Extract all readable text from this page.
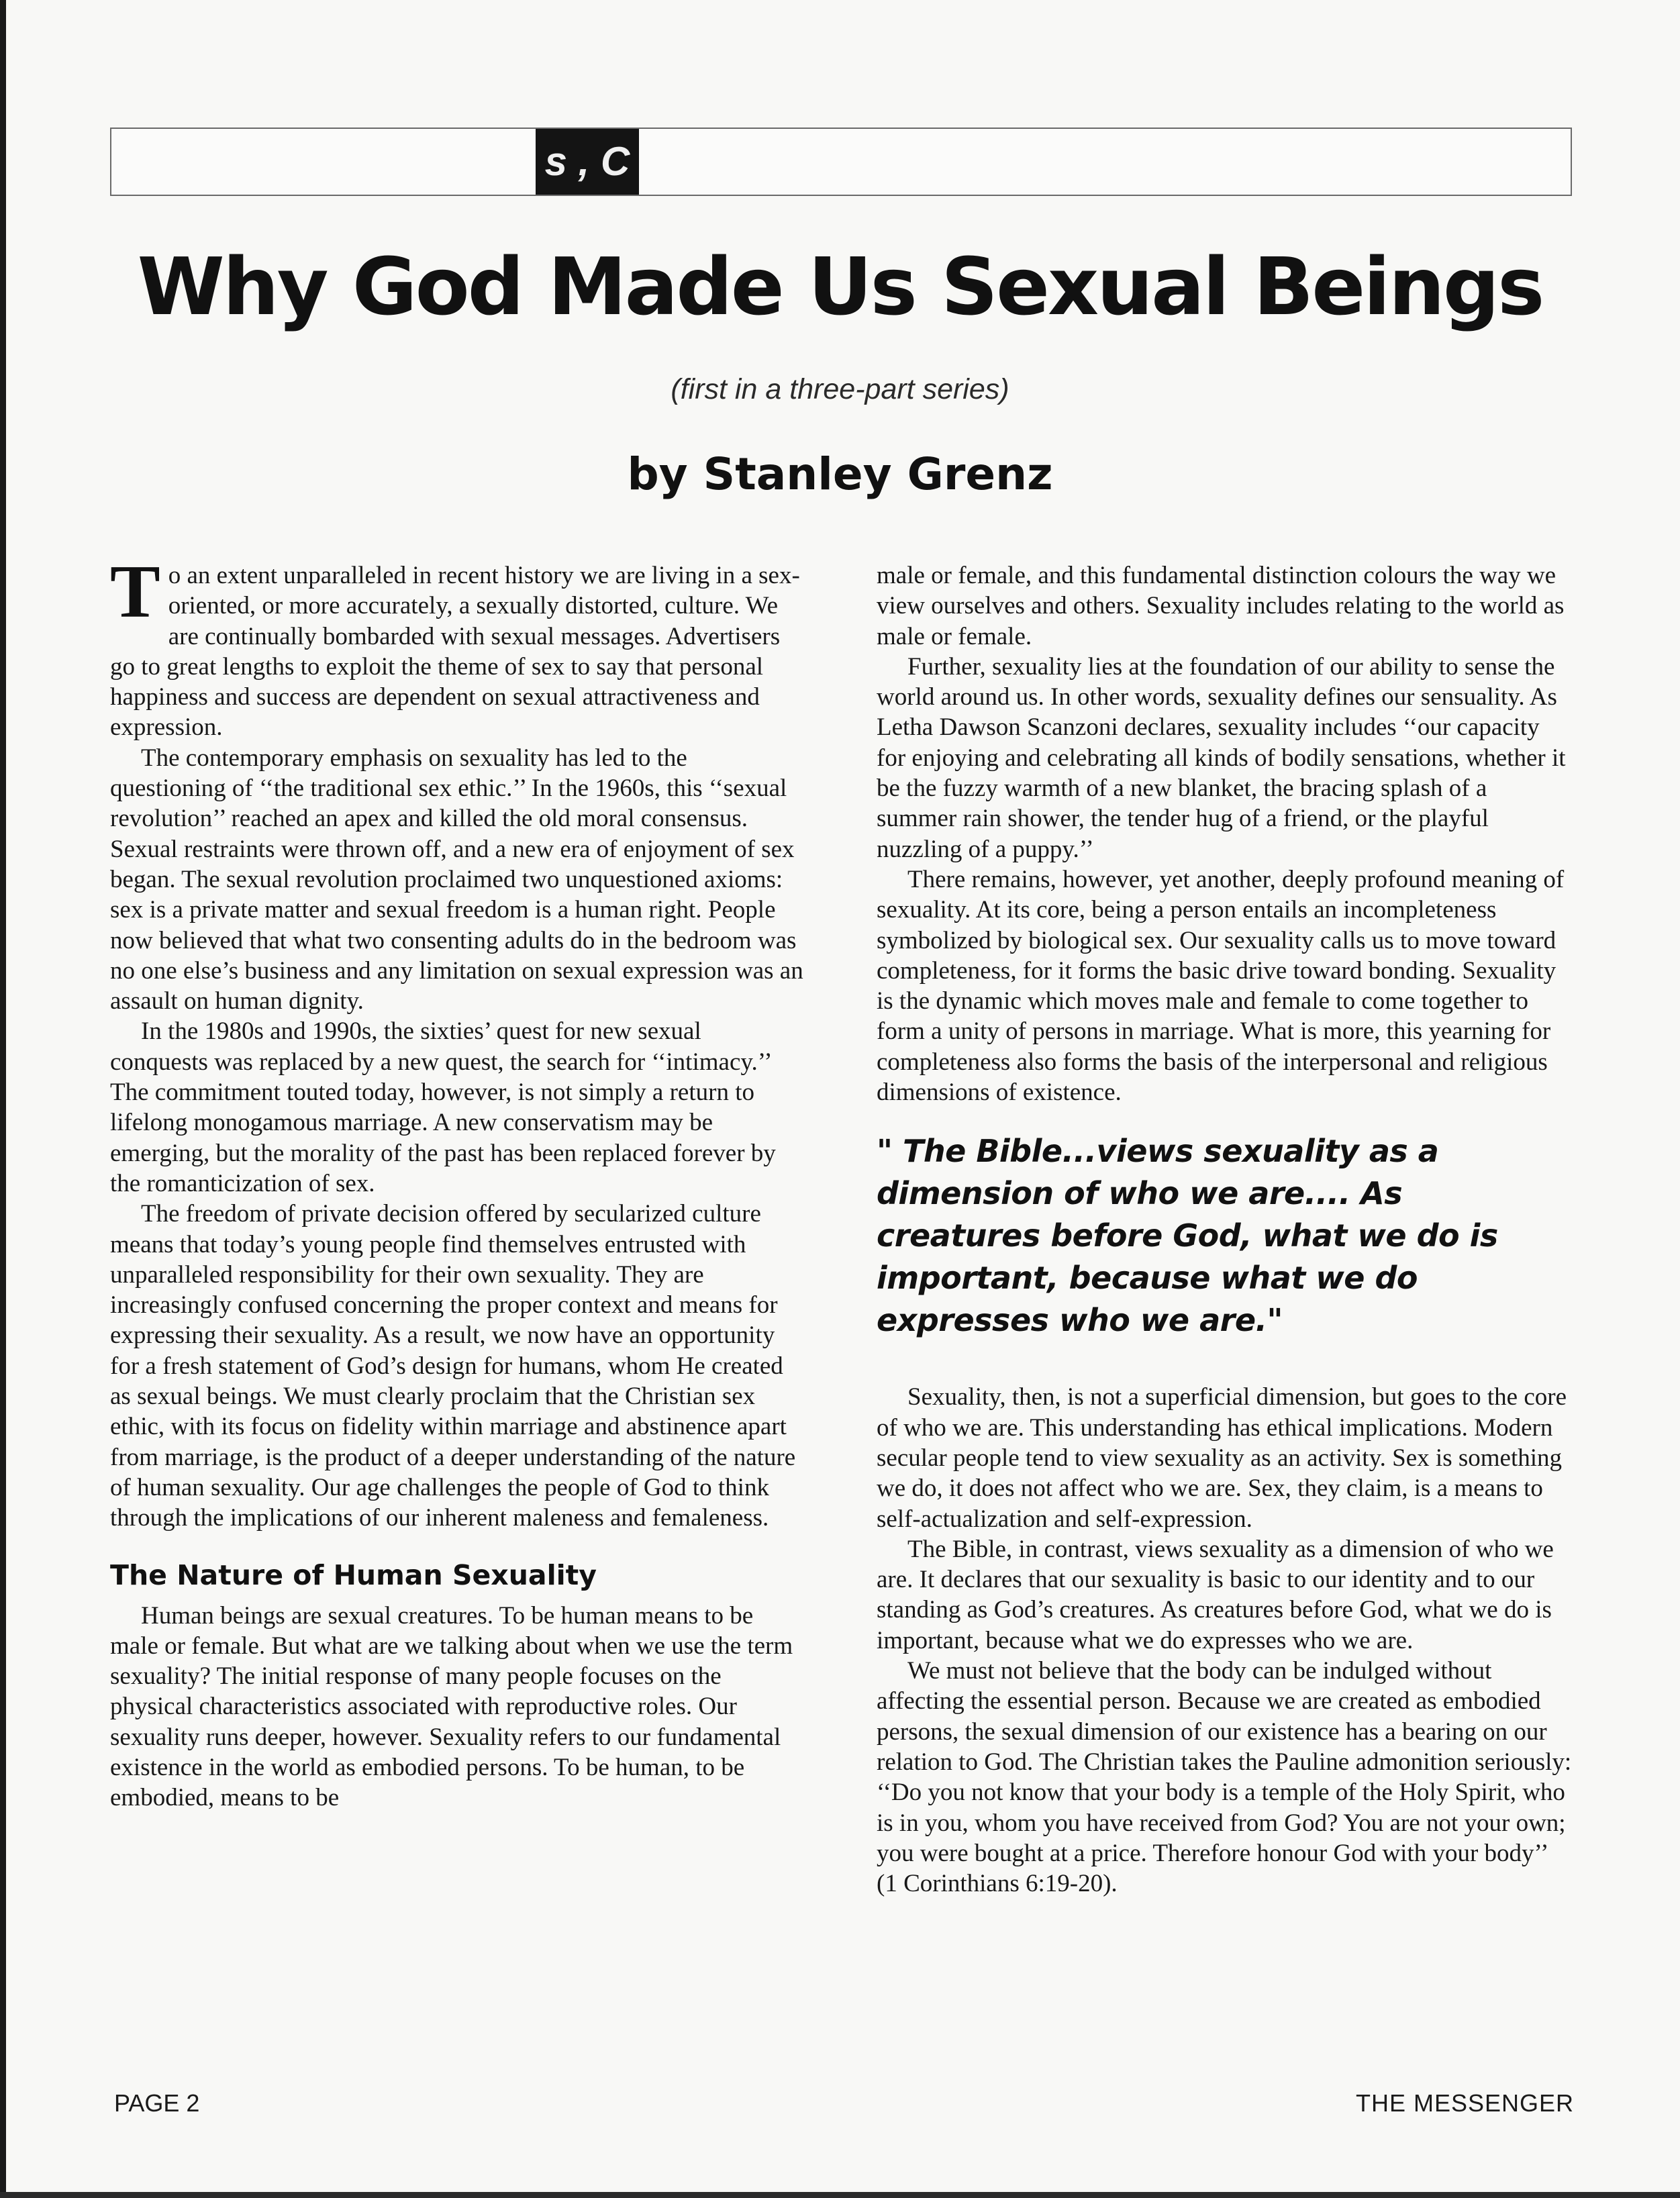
s , C
Why God Made Us Sexual Beings
(first in a three-part series)
by Stanley Grenz

To an extent unparalleled in recent history we are living in a sex-oriented, or more accurately, a sexually distorted, culture. We are continually bombarded with sexual messages. Advertisers go to great lengths to exploit the theme of sex to say that personal happiness and success are dependent on sexual attractiveness and expression.

The contemporary emphasis on sexuality has led to the questioning of ‘‘the traditional sex ethic.’’ In the 1960s, this ‘‘sexual revolution’’ reached an apex and killed the old moral consensus. Sexual restraints were thrown off, and a new era of enjoyment of sex began. The sexual revolution proclaimed two unquestioned axioms: sex is a private matter and sexual freedom is a human right. People now believed that what two consenting adults do in the bedroom was no one else’s business and any limitation on sexual expression was an assault on human dignity.

In the 1980s and 1990s, the sixties’ quest for new sexual conquests was replaced by a new quest, the search for ‘‘intimacy.’’ The commitment touted today, however, is not simply a return to lifelong monogamous marriage. A new conservatism may be emerging, but the morality of the past has been replaced forever by the romanticization of sex.

The freedom of private decision offered by secularized culture means that today’s young people find themselves entrusted with unparalleled responsibility for their own sexuality. They are increasingly confused concerning the proper context and means for expressing their sexuality. As a result, we now have an opportunity for a fresh statement of God’s design for humans, whom He created as sexual beings. We must clearly proclaim that the Christian sex ethic, with its focus on fidelity within marriage and abstinence apart from marriage, is the product of a deeper understanding of the nature of human sexuality. Our age challenges the people of God to think through the implications of our inherent maleness and femaleness.

The Nature of Human Sexuality

Human beings are sexual creatures. To be human means to be male or female. But what are we talking about when we use the term sexuality? The initial response of many people focuses on the physical characteristics associated with reproductive roles. Our sexuality runs deeper, however. Sexuality refers to our fundamental existence in the world as embodied persons. To be human, to be embodied, means to be

male or female, and this fundamental distinction colours the way we view ourselves and others. Sexuality includes relating to the world as male or female.

Further, sexuality lies at the foundation of our ability to sense the world around us. In other words, sexuality defines our sensuality. As Letha Dawson Scanzoni declares, sexuality includes ‘‘our capacity for enjoying and celebrating all kinds of bodily sensations, whether it be the fuzzy warmth of a new blanket, the bracing splash of a summer rain shower, the tender hug of a friend, or the playful nuzzling of a puppy.’’

There remains, however, yet another, deeply profound meaning of sexuality. At its core, being a person entails an incompleteness symbolized by biological sex. Our sexuality calls us to move toward completeness, for it forms the basic drive toward bonding. Sexuality is the dynamic which moves male and female to come together to form a unity of persons in marriage. What is more, this yearning for completeness also forms the basis of the interpersonal and religious dimensions of existence.

" The Bible...views sexuality as a dimension of who we are.... As creatures before God, what we do is important, because what we do expresses who we are."

Sexuality, then, is not a superficial dimension, but goes to the core of who we are. This understanding has ethical implications. Modern secular people tend to view sexuality as an activity. Sex is something we do, it does not affect who we are. Sex, they claim, is a means to self-actualization and self-expression.

The Bible, in contrast, views sexuality as a dimension of who we are. It declares that our sexuality is basic to our identity and to our standing as God’s creatures. As creatures before God, what we do is important, because what we do expresses who we are.

We must not believe that the body can be indulged without affecting the essential person. Because we are created as embodied persons, the sexual dimension of our existence has a bearing on our relation to God. The Christian takes the Pauline admonition seriously: ‘‘Do you not know that your body is a temple of the Holy Spirit, who is in you, whom you have received from God? You are not your own; you were bought at a price. Therefore honour God with your body’’ (1 Corinthians 6:19-20).

PAGE 2	THE MESSENGER
